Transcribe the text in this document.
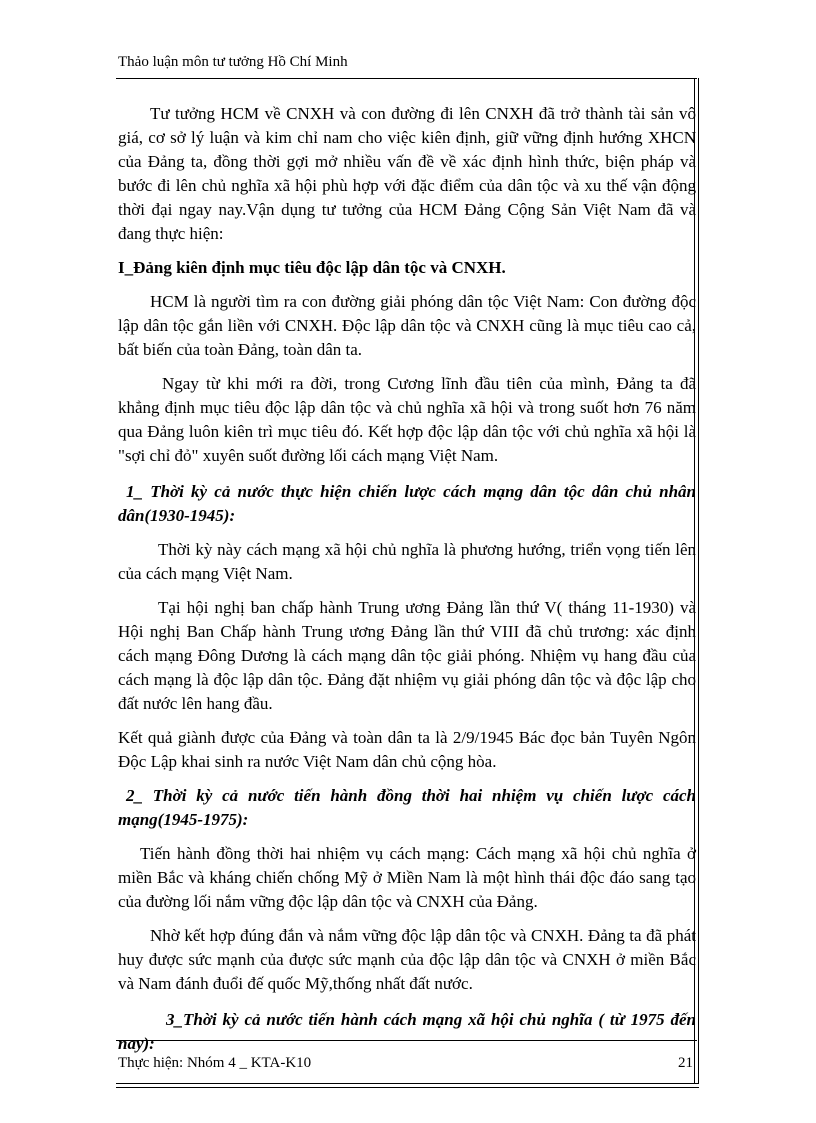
Thảo luận môn tư tưởng Hồ Chí Minh

Tư tưởng HCM về CNXH và con đường đi lên CNXH đã trở thành tài sản vô giá, cơ sở lý luận và kim chỉ nam cho việc kiên định, giữ vững định hướng XHCN của Đảng ta, đồng thời gợi mở nhiều vấn đề về xác định hình thức, biện pháp và bước đi lên chủ nghĩa xã hội phù hợp với đặc điểm của dân tộc và xu thế vận động thời đại ngay nay.Vận dụng tư tưởng của HCM Đảng Cộng Sản Việt Nam đã và đang thực hiện:

I_Đảng kiên định mục tiêu độc lập dân tộc và CNXH.

HCM là người tìm ra con đường giải phóng dân tộc Việt Nam: Con đường độc lập dân tộc gắn liền với CNXH. Độc lập dân tộc và CNXH cũng là mục tiêu cao cả, bất biến của toàn Đảng, toàn dân ta.

Ngay từ khi mới ra đời, trong Cương lĩnh đầu tiên của mình, Đảng ta đã khẳng định mục tiêu độc lập dân tộc và chủ nghĩa xã hội và trong suốt hơn 76 năm qua Đảng luôn kiên trì mục tiêu đó. Kết hợp độc lập dân tộc với chủ nghĩa xã hội là "sợi chỉ đỏ" xuyên suốt đường lối cách mạng Việt Nam.

1_ Thời kỳ cả nước thực hiện chiến lược cách mạng dân tộc dân chủ nhân dân(1930-1945):

Thời kỳ này cách mạng xã hội chủ nghĩa là phương hướng, triển vọng tiến lên của cách mạng Việt Nam.

Tại hội nghị ban chấp hành Trung ương Đảng lần thứ V( tháng 11-1930) và Hội nghị Ban Chấp hành Trung ương Đảng lần thứ VIII đã chủ trương: xác định cách mạng Đông Dương là cách mạng dân tộc giải phóng. Nhiệm vụ hang đầu của cách mạng là độc lập dân tộc. Đảng đặt nhiệm vụ giải phóng dân tộc và độc lập cho đất nước lên hang đầu.

Kết quả giành được của Đảng và toàn dân ta là 2/9/1945 Bác đọc bản Tuyên Ngôn Độc Lập khai sinh ra nước Việt Nam dân chủ cộng hòa.

2_ Thời kỳ cả nước tiến hành đồng thời hai nhiệm vụ chiến lược cách mạng(1945-1975):

Tiến hành đồng thời hai nhiệm vụ cách mạng: Cách mạng xã hội chủ nghĩa ở miền Bắc và kháng chiến chống Mỹ ở Miền Nam là một hình thái độc đáo sang tạo của đường lối nắm vững độc lập dân tộc và CNXH của Đảng.

Nhờ kết hợp đúng đắn và nắm vững độc lập dân tộc và CNXH. Đảng ta đã phát huy được sức mạnh của được sức mạnh của độc lập dân tộc và CNXH ở miền Bắc và Nam đánh đuổi đế quốc Mỹ,thống nhất đất nước.

3_Thời kỳ cả nước tiến hành cách mạng xã hội chủ nghĩa ( từ 1975 đến nay):

Thực hiện: Nhóm 4 _ KTA-K10	21
